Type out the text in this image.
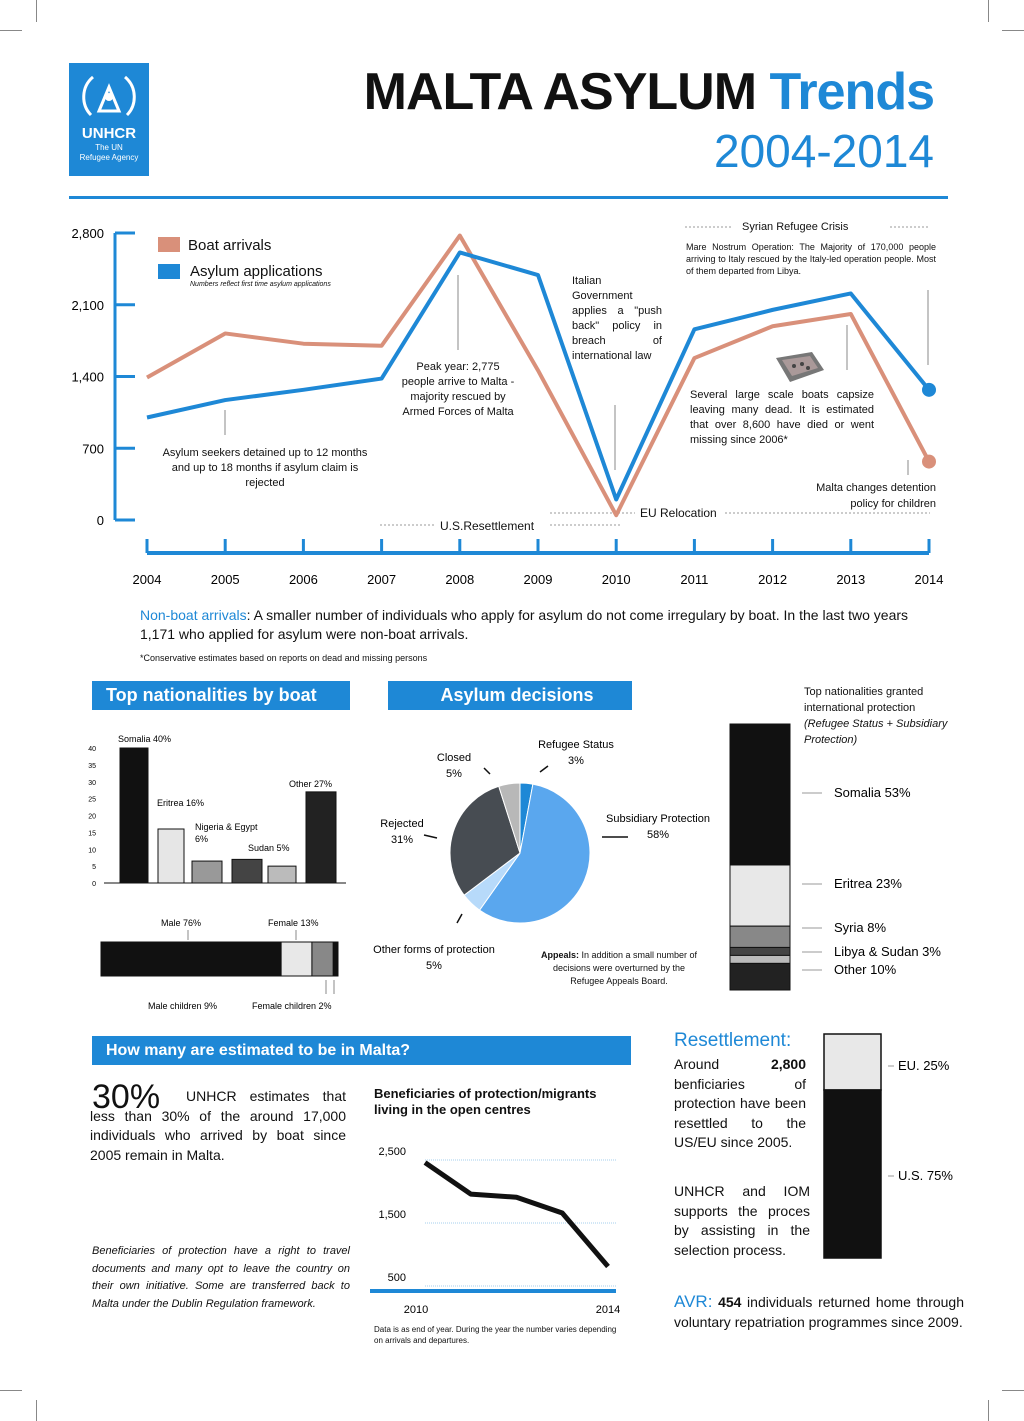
UNHCR
The UN
Refugee Agency
MALTA ASYLUM Trends
2004-2014
0
700
1,400
2,100
2,800
2004	2005	2006	2007	2008	2009	2010	2011	2012	2013	2014
Boat arrivals
Asylum applications
Numbers reflect first time asylum applications
Syrian Refugee Crisis
Mare Nostrum Operation: The Majority of 170,000 people arriving to Italy rescued by the Italy-led operation people. Most of them departed from Libya.
Italian Government applies a "push back" policy in breach of international law
Peak year: 2,775 people arrive to Malta - majority rescued by Armed Forces of Malta
Asylum seekers detained up to 12 months and up to 18 months if asylum claim is rejected
Several large scale boats capsize leaving many dead. It is estimated that over 8,600 have died or went missing since 2006*
Malta changes detention policy for children
EU Relocation
U.S.Resettlement
Non-boat arrivals: A smaller number of individuals who apply for asylum do not come irregulary by boat. In the last two years 1,171 who applied for asylum were non-boat arrivals.
*Conservative estimates based on reports on dead and missing persons
Top nationalities by boat	Asylum decisions
0
5
10
15
20
25
30
35
40
Somalia 40%
Eritrea 16%
Nigeria & Egypt
6%
Sudan 5%
Other 27%
Male 76%	Female 13%
Male children 9%	Female children 2%
Refugee Status
3%
Subsidiary Protection
58%
Other forms of protection
5%
Rejected
31%
Closed
5%
Appeals: In addition a small number of decisions were overturned by the Refugee Appeals Board.
Top nationalities granted international protection
(Refugee Status + Subsidiary Protection)
Somalia 53%
Eritrea 23%
Syria 8%
Libya & Sudan 3%
Other 10%
How many are estimated to be in Malta?
30%	UNHCR estimates that less than 30% of the around 17,000 individuals who arrived by boat since 2005 remain in Malta.
Beneficiaries of protection have a right to travel documents and many opt to leave the country on their own initiative. Some are transferred back to Malta under the Dublin Regulation framework.
Beneficiaries of protection/migrants living in the open centres
500
1,500
2,500
2010	2014
Data is as end of year. During the year the number varies depending on arrivals and departures.
Resettlement:
Around 2,800 benficiaries of protection have been resettled to the US/EU since 2005.
UNHCR and IOM supports the proces by assisting in the selection process.
EU. 25%
U.S. 75%
AVR: 454 individuals returned home through voluntary repatriation programmes since 2009.
